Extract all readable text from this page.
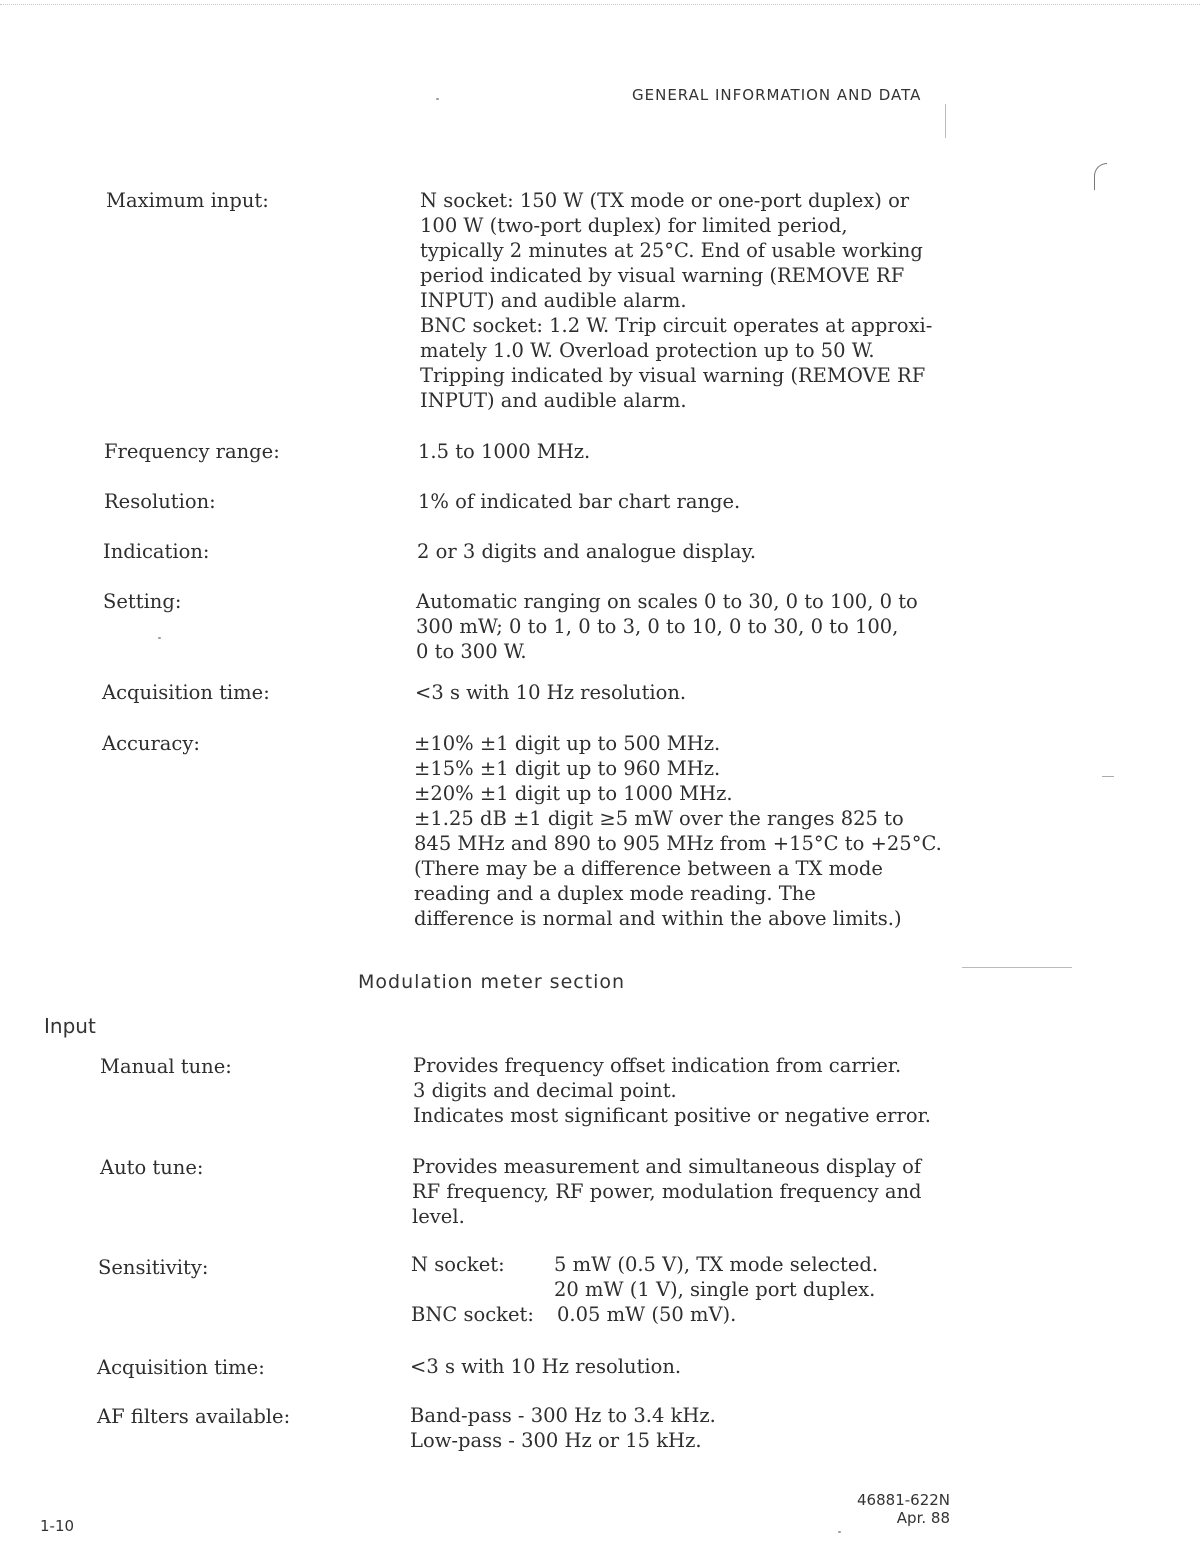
GENERAL INFORMATION AND DATA
Maximum input:	N socket: 150 W (TX mode or one-port duplex) or
100 W (two-port duplex) for limited period,
typically 2 minutes at 25°C. End of usable working
period indicated by visual warning (REMOVE RF
INPUT) and audible alarm.
BNC socket: 1.2 W. Trip circuit operates at approxi-
mately 1.0 W. Overload protection up to 50 W.
Tripping indicated by visual warning (REMOVE RF
INPUT) and audible alarm.
Frequency range:	1.5 to 1000 MHz.
Resolution:	1% of indicated bar chart range.
Indication:	2 or 3 digits and analogue display.
Setting:	Automatic ranging on scales 0 to 30, 0 to 100, 0 to
300 mW; 0 to 1, 0 to 3, 0 to 10, 0 to 30, 0 to 100,
0 to 300 W.
Acquisition time:	<3 s with 10 Hz resolution.
Accuracy:	±10% ±1 digit up to 500 MHz.
±15% ±1 digit up to 960 MHz.
±20% ±1 digit up to 1000 MHz.
±1.25 dB ±1 digit ≥5 mW over the ranges 825 to
845 MHz and 890 to 905 MHz from +15°C to +25°C.
(There may be a difference between a TX mode
reading and a duplex mode reading. The
difference is normal and within the above limits.)
Modulation meter section
Input
Manual tune:	Provides frequency offset indication from carrier.
3 digits and decimal point.
Indicates most significant positive or negative error.
Auto tune:	Provides measurement and simultaneous display of
RF frequency, RF power, modulation frequency and
level.
Sensitivity:	N socket:	5 mW (0.5 V), TX mode selected.
20 mW (1 V), single port duplex.
BNC socket: 0.05 mW (50 mV).
Acquisition time:	<3 s with 10 Hz resolution.
AF filters available:	Band-pass - 300 Hz to 3.4 kHz.
Low-pass - 300 Hz or 15 kHz.
1-10
46881-622N
Apr. 88
